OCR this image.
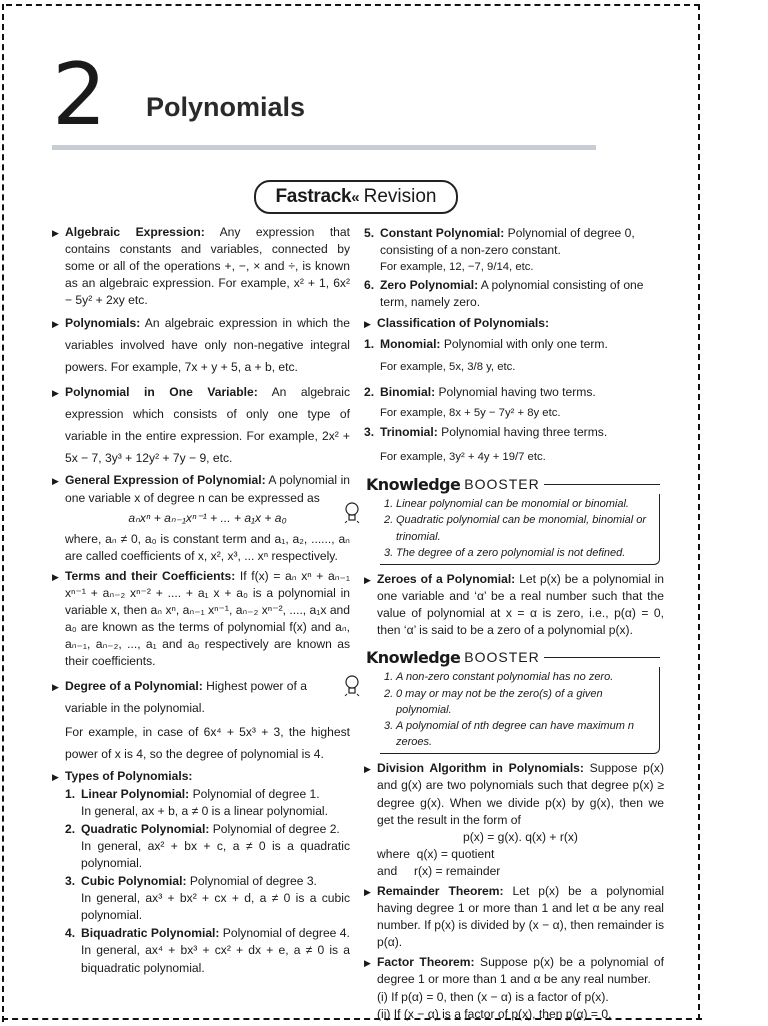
2 Polynomials
Fastrack « Revision
▶ Algebraic Expression: Any expression that contains constants and variables, connected by some or all of the operations +, −, × and ÷, is known as an algebraic expression. For example, x² + 1, 6x² − 5y² + 2xy etc.
▶ Polynomials: An algebraic expression in which the variables involved have only non-negative integral powers. For example, 7x + y + 5, a + b, etc.
▶ Polynomial in One Variable: An algebraic expression which consists of only one type of variable in the entire expression. For example, 2x² + 5x − 7, 3y³ + 12y² + 7y − 9, etc.
▶ General Expression of Polynomial: A polynomial in one variable x of degree n can be expressed as
aₙxⁿ + aₙ₋₁xⁿ⁻¹ + ... + a₁x + a₀
where, aₙ ≠ 0, a₀ is constant term and a₁, a₂, ......, aₙ are called coefficients of x, x², x³, ... xⁿ respectively.
▶ Terms and their Coefficients: If f(x) = aₙ xⁿ + aₙ₋₁ xⁿ⁻¹ + aₙ₋₂ xⁿ⁻² + .... + a₁ x + a₀ is a polynomial in variable x, then aₙ xⁿ, aₙ₋₁ xⁿ⁻¹, aₙ₋₂ xⁿ⁻², ...., a₁x and a₀ are known as the terms of polynomial f(x) and aₙ, aₙ₋₁, aₙ₋₂, ..., a₁ and a₀ respectively are known as their coefficients.
▶ Degree of a Polynomial: Highest power of a variable in the polynomial.
For example, in case of 6x⁴ + 5x³ + 3, the highest power of x is 4, so the degree of polynomial is 4.
▶ Types of Polynomials:
1. Linear Polynomial: Polynomial of degree 1.
In general, ax + b, a ≠ 0 is a linear polynomial.
2. Quadratic Polynomial: Polynomial of degree 2.
In general, ax² + bx + c, a ≠ 0 is a quadratic polynomial.
3. Cubic Polynomial: Polynomial of degree 3.
In general, ax³ + bx² + cx + d, a ≠ 0 is a cubic polynomial.
4. Biquadratic Polynomial: Polynomial of degree 4.
In general, ax⁴ + bx³ + cx² + dx + e, a ≠ 0 is a biquadratic polynomial.
5. Constant Polynomial: Polynomial of degree 0, consisting of a non-zero constant.
For example, 12, −7, 9/14, etc.
6. Zero Polynomial: A polynomial consisting of one term, namely zero.
▶ Classification of Polynomials:
1. Monomial: Polynomial with only one term.
For example, 5x, 3/8 y, etc.
2. Binomial: Polynomial having two terms.
For example, 8x + 5y − 7y² + 8y etc.
3. Trinomial: Polynomial having three terms.
For example, 3y² + 4y + 19/7 etc.
Knowledge BOOSTER
1. Linear polynomial can be monomial or binomial.
2. Quadratic polynomial can be monomial, binomial or trinomial.
3. The degree of a zero polynomial is not defined.
▶ Zeroes of a Polynomial: Let p(x) be a polynomial in one variable and ‘α’ be a real number such that the value of polynomial at x = α is zero, i.e., p(α) = 0, then ‘α’ is said to be a zero of a polynomial p(x).
Knowledge BOOSTER
1. A non-zero constant polynomial has no zero.
2. 0 may or may not be the zero(s) of a given polynomial.
3. A polynomial of nth degree can have maximum n zeroes.
▶ Division Algorithm in Polynomials: Suppose p(x) and g(x) are two polynomials such that degree p(x) ≥ degree g(x). When we divide p(x) by g(x), then we get the result in the form of
p(x) = g(x). q(x) + r(x)
where  q(x) = quotient
and     r(x) = remainder
▶ Remainder Theorem: Let p(x) be a polynomial having degree 1 or more than 1 and let α be any real number. If p(x) is divided by (x − α), then remainder is p(α).
▶ Factor Theorem: Suppose p(x) be a polynomial of degree 1 or more than 1 and α be any real number.
(i) If p(α) = 0, then (x − α) is a factor of p(x).
(ii) If (x − α) is a factor of p(x), then p(α) = 0.
